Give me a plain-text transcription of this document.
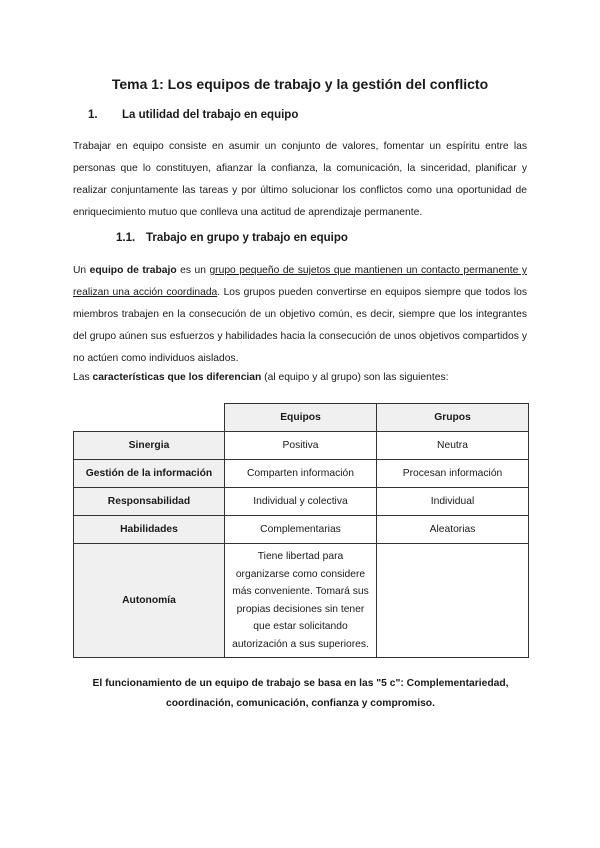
Tema 1: Los equipos de trabajo y la gestión del conflicto
1. La utilidad del trabajo en equipo
Trabajar en equipo consiste en asumir un conjunto de valores, fomentar un espíritu entre las personas que lo constituyen, afianzar la confianza, la comunicación, la sinceridad, planificar y realizar conjuntamente las tareas y por último solucionar los conflictos como una oportunidad de enriquecimiento mutuo que conlleva una actitud de aprendizaje permanente.
1.1. Trabajo en grupo y trabajo en equipo
Un equipo de trabajo es un grupo pequeño de sujetos que mantienen un contacto permanente y realizan una acción coordinada. Los grupos pueden convertirse en equipos siempre que todos los miembros trabajen en la consecución de un objetivo común, es decir, siempre que los integrantes del grupo aúnen sus esfuerzos y habilidades hacia la consecución de unos objetivos compartidos y no actúen como individuos aislados.
Las características que los diferencian (al equipo y al grupo) son las siguientes:
	Equipos	Grupos
Sinergia	Positiva	Neutra
Gestión de la información	Comparten información	Procesan información
Responsabilidad	Individual y colectiva	Individual
Habilidades	Complementarias	Aleatorias
Autonomía	Tiene libertad para organizarse como considere más conveniente. Tomará sus propias decisiones sin tener que estar solicitando autorización a sus superiores.	
El funcionamiento de un equipo de trabajo se basa en las "5 c": Complementariedad, coordinación, comunicación, confianza y compromiso.
